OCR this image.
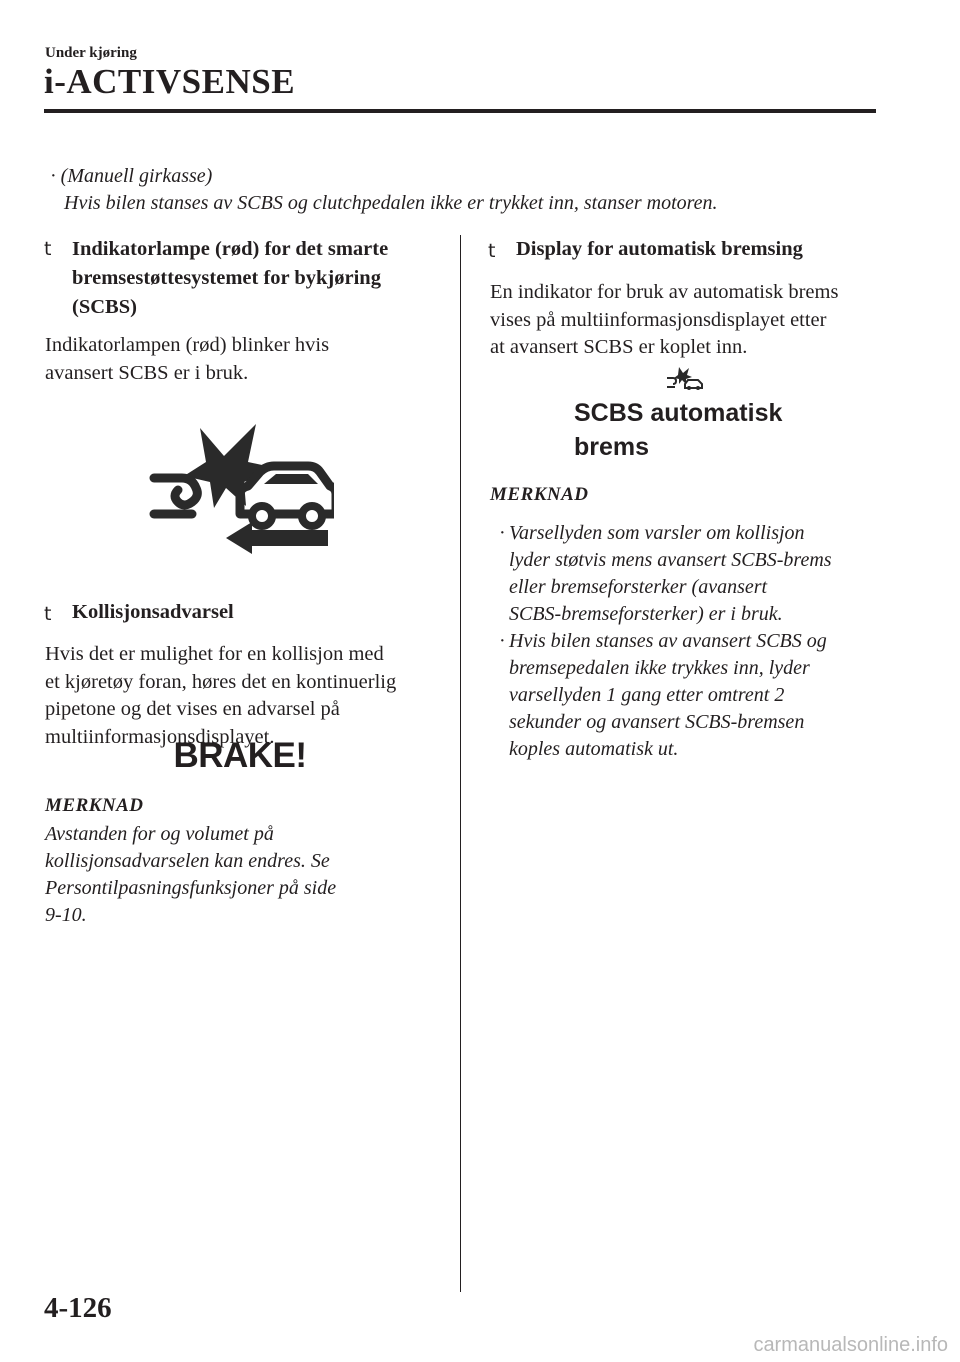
Under kjøring
i-ACTIVSENSE
· (Manuell girkasse)
Hvis bilen stanses av SCBS og clutchpedalen ikke er trykket inn, stanser motoren.
t Indikatorlampe (rød) for det smarte
bremsestøttesystemet for bykjøring
(SCBS)
Indikatorlampen (rød) blinker hvis
avansert SCBS er i bruk.
t Kollisjonsadvarsel
Hvis det er mulighet for en kollisjon med
et kjøretøy foran, høres det en kontinuerlig
pipetone og det vises en advarsel på
multiinformasjonsdisplayet.
BRAKE!
MERKNAD
Avstanden for og volumet på
kollisjonsadvarselen kan endres. Se
Persontilpasningsfunksjoner på side
9-10.
t Display for automatisk bremsing
En indikator for bruk av automatisk brems
vises på multiinformasjonsdisplayet etter
at avansert SCBS er koplet inn.
SCBS automatisk
brems
MERKNAD
· Varsellyden som varsler om kollisjon
lyder støtvis mens avansert SCBS-brems
eller bremseforsterker (avansert
SCBS-bremseforsterker) er i bruk.
· Hvis bilen stanses av avansert SCBS og
bremsepedalen ikke trykkes inn, lyder
varsellyden 1 gang etter omtrent 2
sekunder og avansert SCBS-bremsen
koples automatisk ut.
4-126
carmanualsonline.info
